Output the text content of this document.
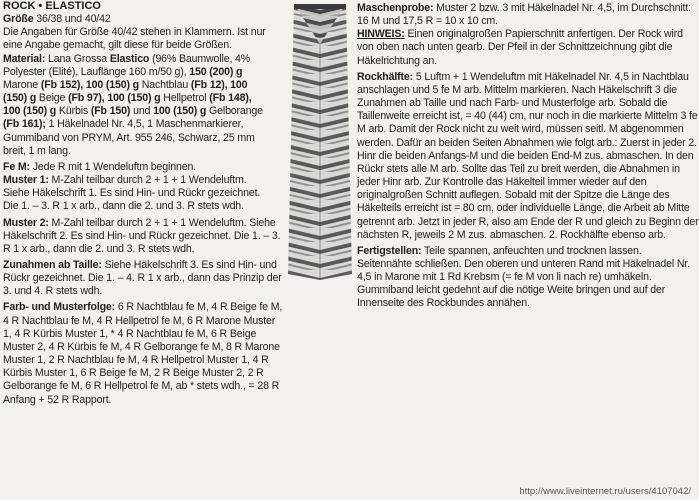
ROCK • ELASTICO
Größe 36/38 und 40/42
Die Angaben für Größe 40/42 stehen in Klammern. Ist nur eine Angabe gemacht, gilt diese für beide Größen.
Material: Lana Grossa Elastico (96% Baumwolle, 4% Polyester (Elité), Lauflänge 160 m/50 g), 150 (200) g Marone (Fb 152), 100 (150) g Nachtblau (Fb 12), 100 (150) g Beige (Fb 97), 100 (150) g Hellpetrol (Fb 148), 100 (150) g Kürbis (Fb 150) und 100 (150) g Gelborange (Fb 161); 1 Häkelnadel Nr. 4,5, 1 Maschenmarkierer, Gummiband von PRYM, Art. 955 246, Schwarz, 25 mm breit, 1 m lang.

Fe M: Jede R mit 1 Wendeluftm beginnen.
Muster 1: M-Zahl teilbar durch 2 + 1 + 1 Wendeluftm. Siehe Häkelschrift 1. Es sind Hin- und Rückr gezeichnet. Die 1. – 3. R 1 x arb., dann die 2. und 3. R stets wdh.

Muster 2: M-Zahl teilbar durch 2 + 1 + 1 Wendeluftm. Siehe Häkelschrift 2. Es sind Hin- und Rückr gezeichnet. Die 1. – 3. R 1 x arb., dann die 2. und 3. R stets wdh.

Zunahmen ab Taille: Siehe Häkelschrift 3. Es sind Hin- und Rückr gezeichnet. Die 1. – 4. R 1 x arb., dann das Prinzip der 3. und 4. R stets wdh.

Farb- und Musterfolge: 6 R Nachtblau fe M, 4 R Beige fe M, 4 R Nachtblau fe M, 4 R Hellpetrol fe M, 6 R Marone Muster 1, 4 R Kürbis Muster 1, * 4 R Nachtblau fe M, 6 R Beige Muster 2, 4 R Kürbis fe M, 4 R Gelborange fe M, 8 R Marone Muster 1, 2 R Nachtblau fe M, 4 R Hellpetrol Muster 1, 4 R Kürbis Muster 1, 6 R Beige fe M, 2 R Beige Muster 2, 2 R Gelborange fe M, 6 R Hellpetrol fe M, ab * stets wdh., = 28 R Anfang + 52 R Rapport.

Maschenprobe: Muster 2 bzw. 3 mit Häkelnadel Nr. 4,5, im Durchschnitt: 16 M und 17,5 R = 10 x 10 cm.
HINWEIS: Einen originalgroßen Papierschnitt anfertigen. Der Rock wird von oben nach unten gearb. Der Pfeil in der Schnittzeichnung gibt die Häkelrichtung an.

Rockhälfte: 5 Luftm + 1 Wendeluftm mit Häkelnadel Nr. 4,5 in Nachtblau anschlagen und 5 fe M arb. Mittelm markieren. Nach Häkelschrift 3 die Zunahmen ab Taille und nach Farb- und Musterfolge arb. Sobald die Taillenweite erreicht ist, = 40 (44) cm, nur noch in die markierte Mittelm 3 fe M arb. Damit der Rock nicht zu weit wird, müssen seitl. M abgenommen werden. Dafür an beiden Seiten Abnahmen wie folgt arb.: Zuerst in jeder 2. Hinr die beiden Anfangs-M und die beiden End-M zus. abmaschen. In den Rückr stets alle M arb. Sollte das Teil zu breit werden, die Abnahmen in jeder Hinr arb. Zur Kontrolle das Häkelteil immer wieder auf den originalgroßen Schnitt auflegen. Sobald mit der Spitze die Länge des Häkelteils erreicht ist = 80 cm, oder individuelle Länge, die Arbeit ab Mitte getrennt arb. Jetzt in jeder R, also am Ende der R und gleich zu Beginn der nächsten R, jeweils 2 M zus. abmaschen. 2. Rockhälfte ebenso arb.

Fertigstellen: Teile spannen, anfeuchten und trocknen lassen. Seitennähte schließen. Den oberen und unteren Rand mit Häkelnadel Nr. 4,5 in Marone mit 1 Rd Krebsm (= fe M von li nach re) umhäkeln. Gummiband leicht gedehnt auf die nötige Weite bringen und auf der Innenseite des Rockbundes annähen.

http://www.liveinternet.ru/users/4107042/
